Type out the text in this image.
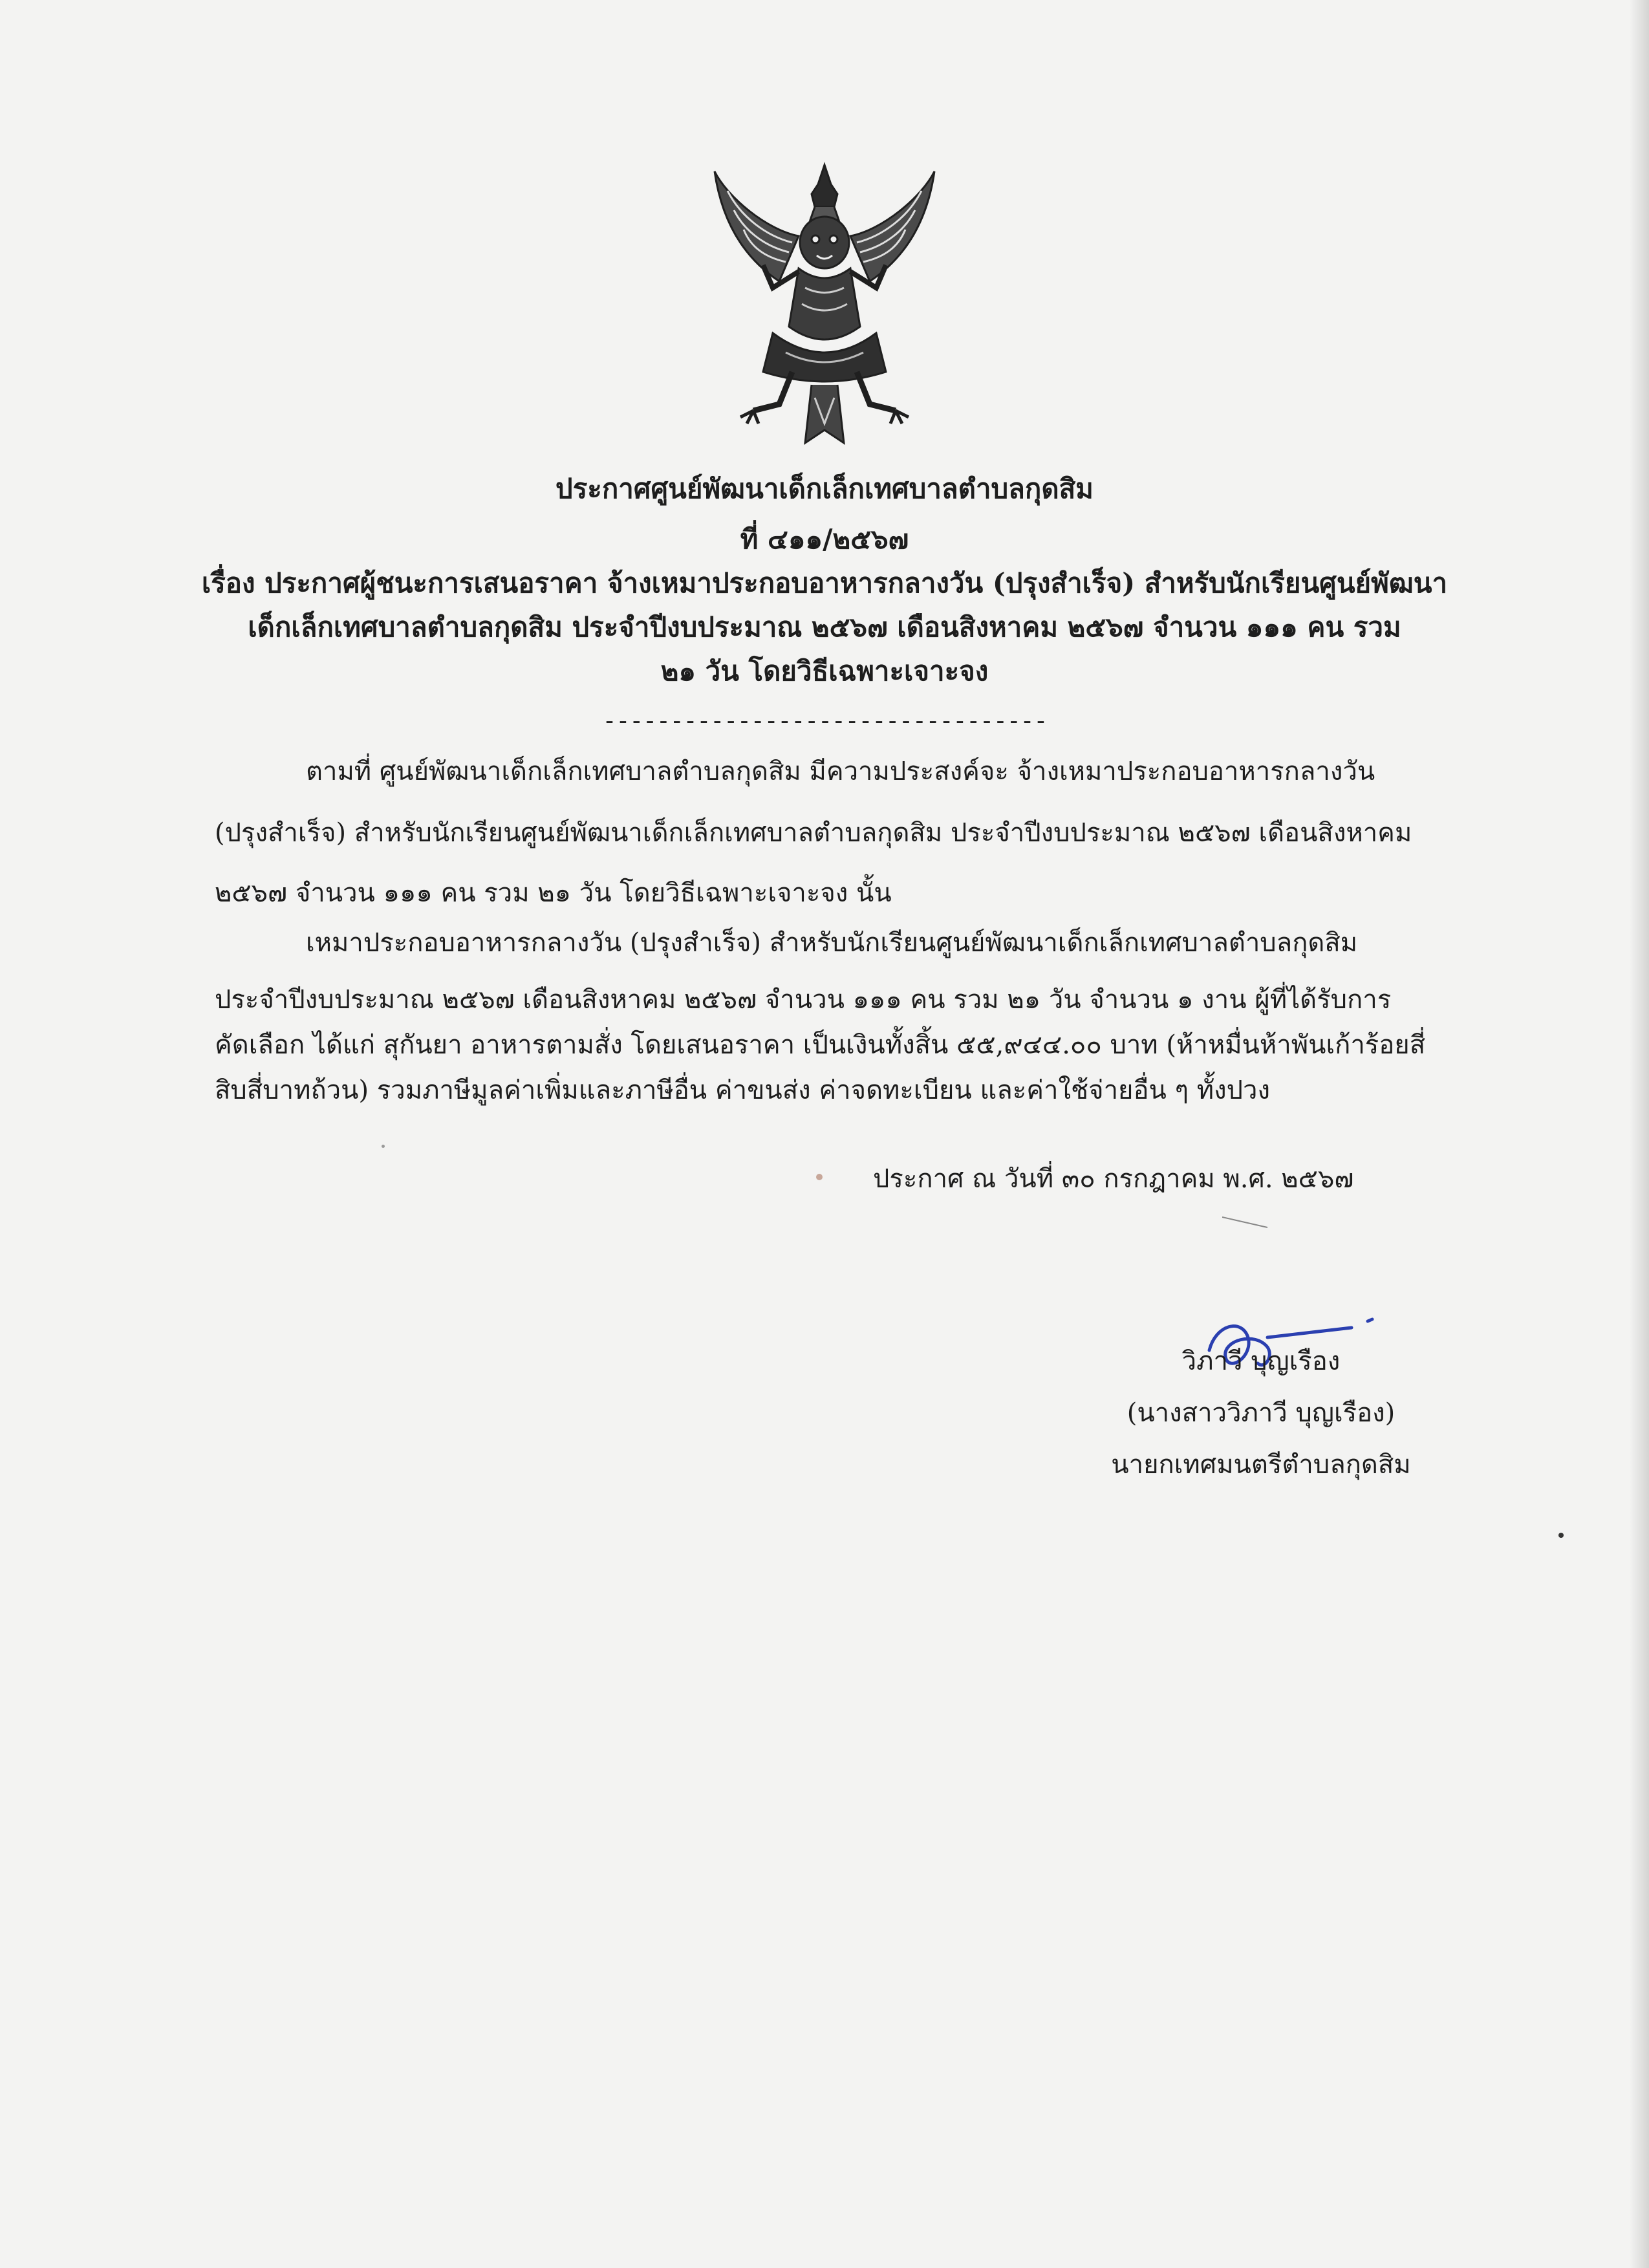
ประกาศศูนย์พัฒนาเด็กเล็กเทศบาลตำบลกุดสิม
ที่ ๔๑๑/๒๕๖๗
เรื่อง ประกาศผู้ชนะการเสนอราคา จ้างเหมาประกอบอาหารกลางวัน (ปรุงสำเร็จ) สำหรับนักเรียนศูนย์พัฒนา
เด็กเล็กเทศบาลตำบลกุดสิม ประจำปีงบประมาณ ๒๕๖๗ เดือนสิงหาคม ๒๕๖๗ จำนวน ๑๑๑ คน รวม
๒๑ วัน โดยวิธีเฉพาะเจาะจง
---------------------------------
ตามที่ ศูนย์พัฒนาเด็กเล็กเทศบาลตำบลกุดสิม มีความประสงค์จะ จ้างเหมาประกอบอาหารกลางวัน
(ปรุงสำเร็จ) สำหรับนักเรียนศูนย์พัฒนาเด็กเล็กเทศบาลตำบลกุดสิม ประจำปีงบประมาณ ๒๕๖๗ เดือนสิงหาคม
๒๕๖๗ จำนวน ๑๑๑ คน รวม ๒๑ วัน โดยวิธีเฉพาะเจาะจง นั้น
เหมาประกอบอาหารกลางวัน (ปรุงสำเร็จ) สำหรับนักเรียนศูนย์พัฒนาเด็กเล็กเทศบาลตำบลกุดสิม
ประจำปีงบประมาณ ๒๕๖๗ เดือนสิงหาคม ๒๕๖๗ จำนวน ๑๑๑ คน รวม ๒๑ วัน จำนวน ๑ งาน ผู้ที่ได้รับการ
คัดเลือก ได้แก่ สุกันยา อาหารตามสั่ง โดยเสนอราคา เป็นเงินทั้งสิ้น ๕๕,๙๔๔.๐๐ บาท (ห้าหมื่นห้าพันเก้าร้อยสี่
สิบสี่บาทถ้วน) รวมภาษีมูลค่าเพิ่มและภาษีอื่น ค่าขนส่ง ค่าจดทะเบียน และค่าใช้จ่ายอื่น ๆ ทั้งปวง
ประกาศ ณ วันที่ ๓๐ กรกฎาคม พ.ศ. ๒๕๖๗
วิภาวี บุญเรือง
(นางสาววิภาวี บุญเรือง)
นายกเทศมนตรีตำบลกุดสิม
